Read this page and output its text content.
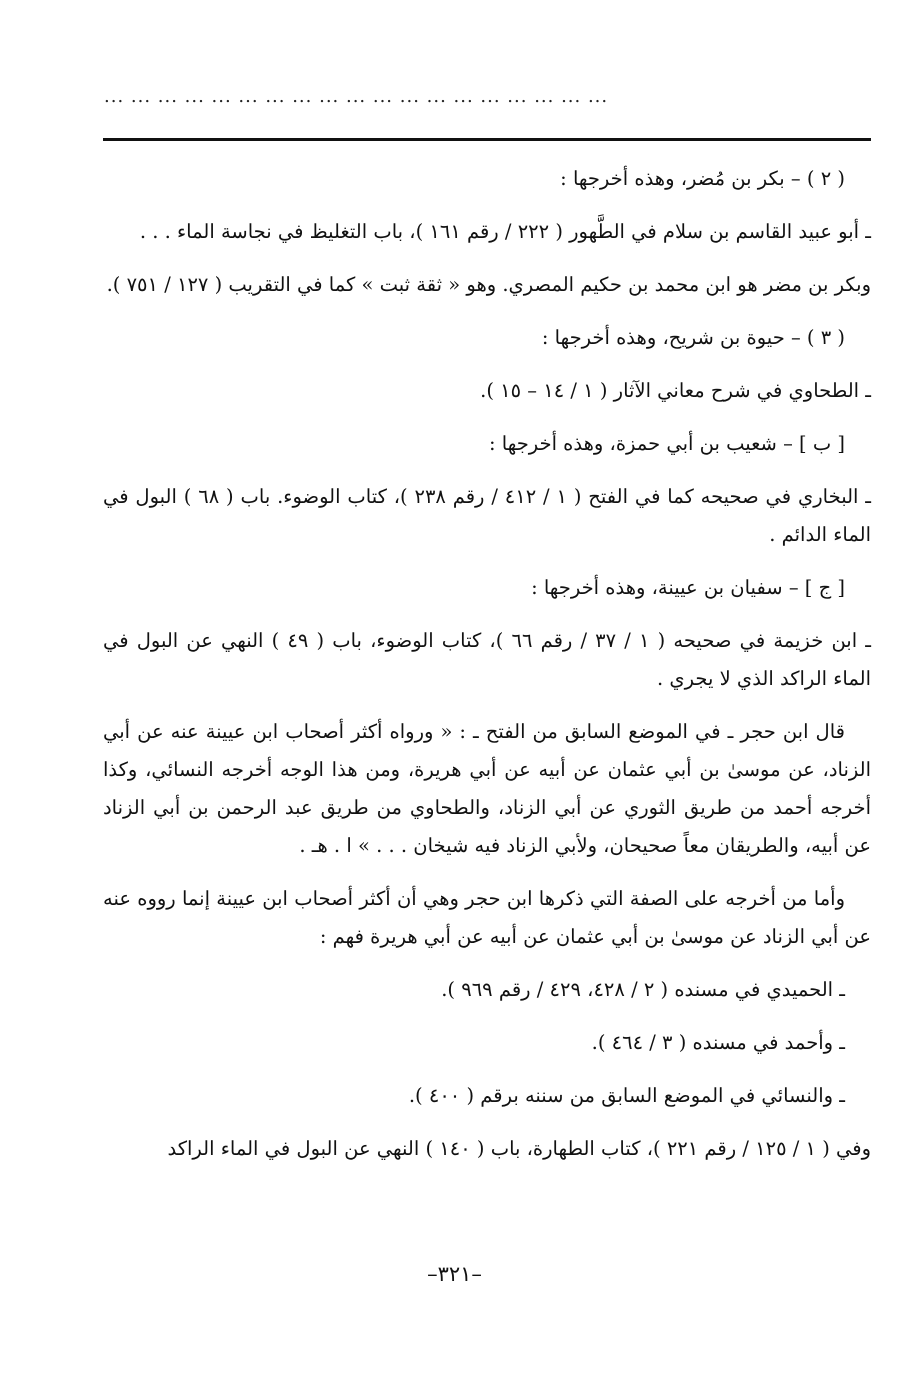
... ... ... ... ... ... ... ... ... ... ... ... ... ... ... ... ... ... ...

( ٢ ) – بكر بن مُضر، وهذه أخرجها :

ـ أبو عبيد القاسم بن سلام في الطَّهور ( ٢٢٢ / رقم ١٦١ )، باب التغليظ في نجاسة الماء . . .

وبكر بن مضر هو ابن محمد بن حكيم المصري. وهو « ثقة ثبت » كما في التقريب ( ١٢٧ / ٧٥١ ).

( ٣ ) – حيوة بن شريح، وهذه أخرجها :

ـ الطحاوي في شرح معاني الآثار ( ١ / ١٤ – ١٥ ).

[ ب ] – شعيب بن أبي حمزة، وهذه أخرجها :

ـ البخاري في صحيحه كما في الفتح ( ١ / ٤١٢ / رقم ٢٣٨ )، كتاب الوضوء. باب ( ٦٨ ) البول في الماء الدائم .

[ ج ] – سفيان بن عيينة، وهذه أخرجها :

ـ ابن خزيمة في صحيحه ( ١ / ٣٧ / رقم ٦٦ )، كتاب الوضوء، باب ( ٤٩ ) النهي عن البول في الماء الراكد الذي لا يجري .

قال ابن حجر ـ في الموضع السابق من الفتح ـ : « ورواه أكثر أصحاب ابن عيينة عنه عن أبي الزناد، عن موسىٰ بن أبي عثمان عن أبيه عن أبي هريرة، ومن هذا الوجه أخرجه النسائي، وكذا أخرجه أحمد من طريق الثوري عن أبي الزناد، والطحاوي من طريق عبد الرحمن بن أبي الزناد عن أبيه، والطريقان معاً صحيحان، ولأبي الزناد فيه شيخان . . . » ا . هـ .

وأما من أخرجه على الصفة التي ذكرها ابن حجر وهي أن أكثر أصحاب ابن عيينة إنما رووه عنه عن أبي الزناد عن موسىٰ بن أبي عثمان عن أبيه عن أبي هريرة فهم :

ـ الحميدي في مسنده ( ٢ / ٤٢٨، ٤٢٩ / رقم ٩٦٩ ).

ـ وأحمد في مسنده ( ٣ / ٤٦٤ ).

ـ والنسائي في الموضع السابق من سننه برقم ( ٤٠٠ ).

وفي ( ١ / ١٢٥ / رقم ٢٢١ )، كتاب الطهارة، باب ( ١٤٠ ) النهي عن البول في الماء الراكد

–٣٢١–
